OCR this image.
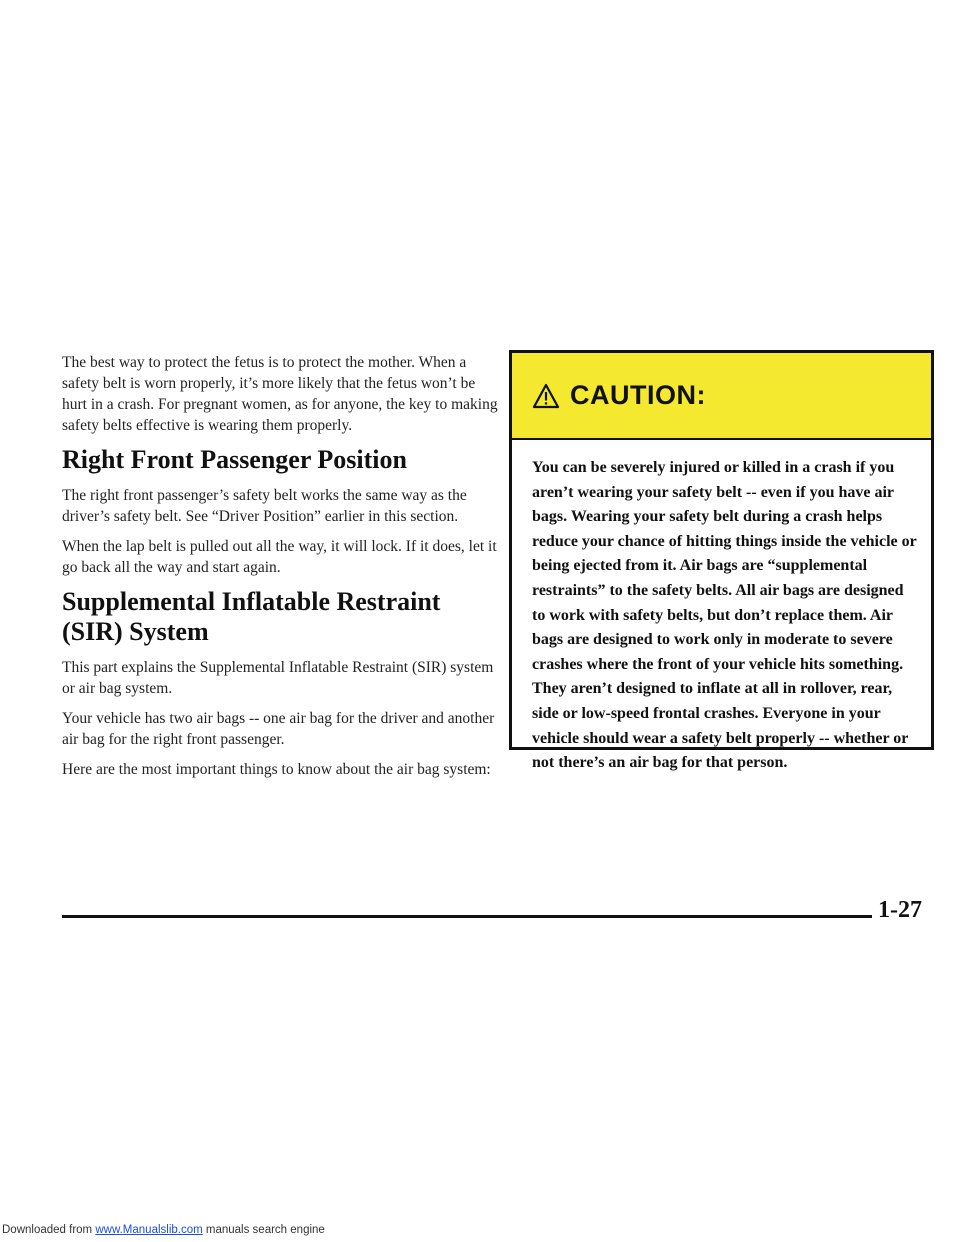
The best way to protect the fetus is to protect the mother. When a safety belt is worn properly, it’s more likely that the fetus won’t be hurt in a crash. For pregnant women, as for anyone, the key to making safety belts effective is wearing them properly.

Right Front Passenger Position

The right front passenger’s safety belt works the same way as the driver’s safety belt. See “Driver Position” earlier in this section.

When the lap belt is pulled out all the way, it will lock. If it does, let it go back all the way and start again.

Supplemental Inflatable Restraint (SIR) System

This part explains the Supplemental Inflatable Restraint (SIR) system or air bag system.

Your vehicle has two air bags -- one air bag for the driver and another air bag for the right front passenger.

Here are the most important things to know about the air bag system:

CAUTION:

You can be severely injured or killed in a crash if you aren’t wearing your safety belt -- even if you have air bags. Wearing your safety belt during a crash helps reduce your chance of hitting things inside the vehicle or being ejected from it. Air bags are “supplemental restraints” to the safety belts. All air bags are designed to work with safety belts, but don’t replace them. Air bags are designed to work only in moderate to severe crashes where the front of your vehicle hits something. They aren’t designed to inflate at all in rollover, rear, side or low-speed frontal crashes. Everyone in your vehicle should wear a safety belt properly -- whether or not there’s an air bag for that person.

1-27
Downloaded from www.Manualslib.com manuals search engine
